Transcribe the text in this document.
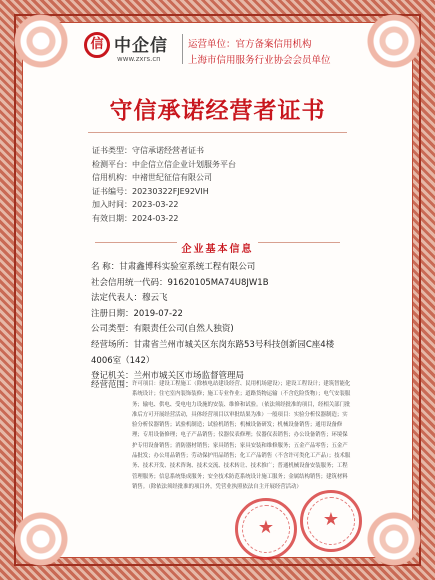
信 中企信
www.zxrs.cn
运营单位：官方备案信用机构
上海市信用服务行业协会会员单位
守信承诺经营者证书
证书类型：守信承诺经营者证书
检测平台：中企信立信企业计划服务平台
信用机构：中褚世纪征信有限公司
证书编号：20230322FJE92VIH
加入时间：2023-03-22
有效日期：2024-03-22
企业基本信息
名 称：甘肃鑫博科实验室系统工程有限公司
社会信用统一代码：91620105MA74U8JW1B
法定代表人：穆云飞
注册日期：2019-07-22
公司类型：有限责任公司(自然人独资)
经营场所：甘肃省兰州市城关区东岗东路53号科技创新园C座4楼
4006室（142）
登记机关：兰州市城关区市场监督管理局
经营范围：
许可项目：建设工程施工（除核电站建设经营、民用机场建设）；建设工程设计；建筑智能化系统设计；住宅室内装饰装修；施工专业作业；道路货物运输（不含危险货物）；电气安装服务；输电、供电、受电电力设施的安装、维修和试验。（依法须经批准的项目，经相关部门批准后方可开展经营活动，具体经营项目以审批结果为准）一般项目：实验分析仪器制造；实验分析仪器销售；试验机制造；试验机销售；机械设备研发；机械设备销售；通用设备修理；专用设备修理；电子产品销售；仪器仪表修理；仪器仪表销售；办公设备销售；环境保护专用设备销售；消防器材销售；家具销售；家具安装和维修服务；五金产品零售；五金产品批发；办公用品销售；劳动保护用品销售；化工产品销售（不含许可类化工产品）；技术服务、技术开发、技术咨询、技术交流、技术转让、技术推广；普通机械设备安装服务；工程管理服务；信息系统集成服务；安全技术防范系统设计施工服务；金属结构销售；建筑材料销售。（除依法须经批准的项目外，凭营业执照依法自主开展经营活动）
★	★
